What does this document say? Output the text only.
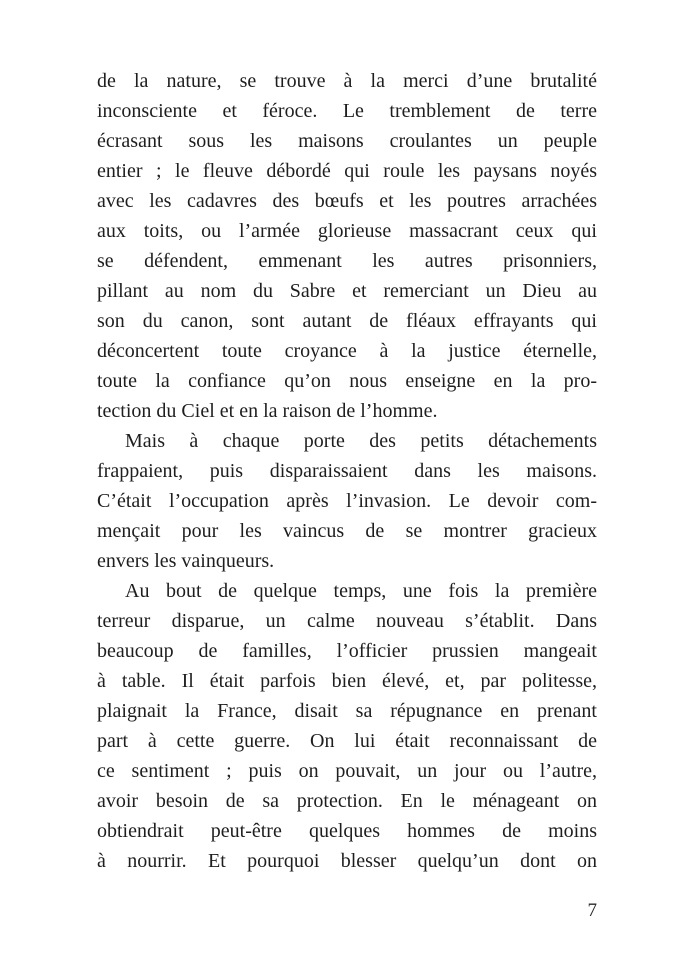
de la nature, se trouve à la merci d’une brutalité
inconsciente et féroce. Le tremblement de terre
écrasant sous les maisons croulantes un peuple
entier ; le fleuve débordé qui roule les paysans noyés
avec les cadavres des bœufs et les poutres arrachées
aux toits, ou l’armée glorieuse massacrant ceux qui
se défendent, emmenant les autres prisonniers,
pillant au nom du Sabre et remerciant un Dieu au
son du canon, sont autant de fléaux effrayants qui
déconcertent toute croyance à la justice éternelle,
toute la confiance qu’on nous enseigne en la pro-
tection du Ciel et en la raison de l’homme.
Mais à chaque porte des petits détachements
frappaient, puis disparaissaient dans les maisons.
C’était l’occupation après l’invasion. Le devoir com-
mençait pour les vaincus de se montrer gracieux
envers les vainqueurs.
Au bout de quelque temps, une fois la première
terreur disparue, un calme nouveau s’établit. Dans
beaucoup de familles, l’officier prussien mangeait
à table. Il était parfois bien élevé, et, par politesse,
plaignait la France, disait sa répugnance en prenant
part à cette guerre. On lui était reconnaissant de
ce sentiment ; puis on pouvait, un jour ou l’autre,
avoir besoin de sa protection. En le ménageant on
obtiendrait peut-être quelques hommes de moins
à nourrir. Et pourquoi blesser quelqu’un dont on
7
